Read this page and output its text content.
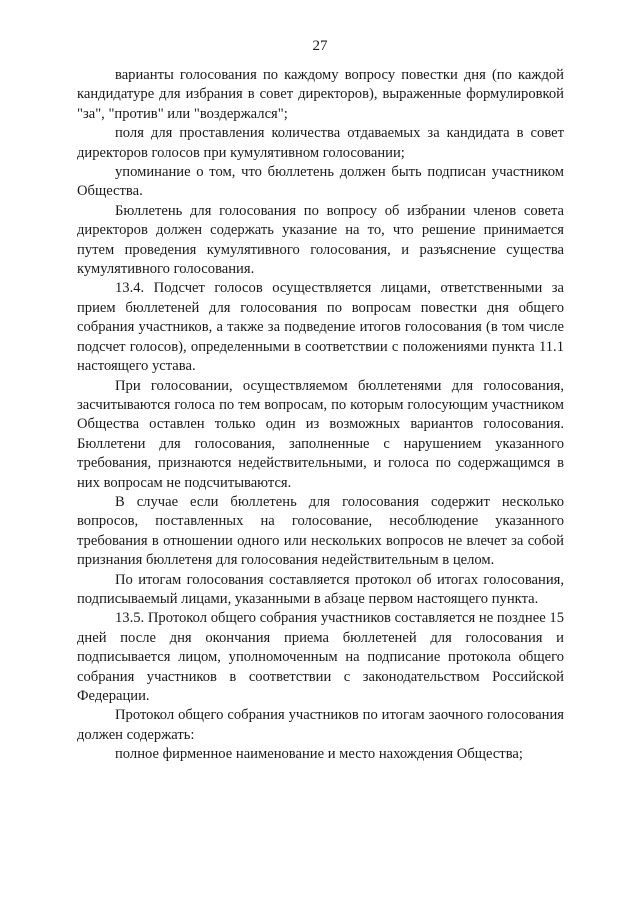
27

варианты голосования по каждому вопросу повестки дня (по каждой кандидатуре для избрания в совет директоров), выраженные формулировкой "за", "против" или "воздержался";

поля для проставления количества отдаваемых за кандидата в совет директоров голосов при кумулятивном голосовании;

упоминание о том, что бюллетень должен быть подписан участником Общества.

Бюллетень для голосования по вопросу об избрании членов совета директоров должен содержать указание на то, что решение принимается путем проведения кумулятивного голосования, и разъяснение существа кумулятивного голосования.

13.4. Подсчет голосов осуществляется лицами, ответственными за прием бюллетеней для голосования по вопросам повестки дня общего собрания участников, а также за подведение итогов голосования (в том числе подсчет голосов), определенными в соответствии с положениями пункта 11.1 настоящего устава.

При голосовании, осуществляемом бюллетенями для голосования, засчитываются голоса по тем вопросам, по которым голосующим участником Общества оставлен только один из возможных вариантов голосования. Бюллетени для голосования, заполненные с нарушением указанного требования, признаются недействительными, и голоса по содержащимся в них вопросам не подсчитываются.

В случае если бюллетень для голосования содержит несколько вопросов, поставленных на голосование, несоблюдение указанного требования в отношении одного или нескольких вопросов не влечет за собой признания бюллетеня для голосования недействительным в целом.

По итогам голосования составляется протокол об итогах голосования, подписываемый лицами, указанными в абзаце первом настоящего пункта.

13.5. Протокол общего собрания участников составляется не позднее 15 дней после дня окончания приема бюллетеней для голосования и подписывается лицом, уполномоченным на подписание протокола общего собрания участников в соответствии с законодательством Российской Федерации.

Протокол общего собрания участников по итогам заочного голосования должен содержать:

полное фирменное наименование и место нахождения Общества;
